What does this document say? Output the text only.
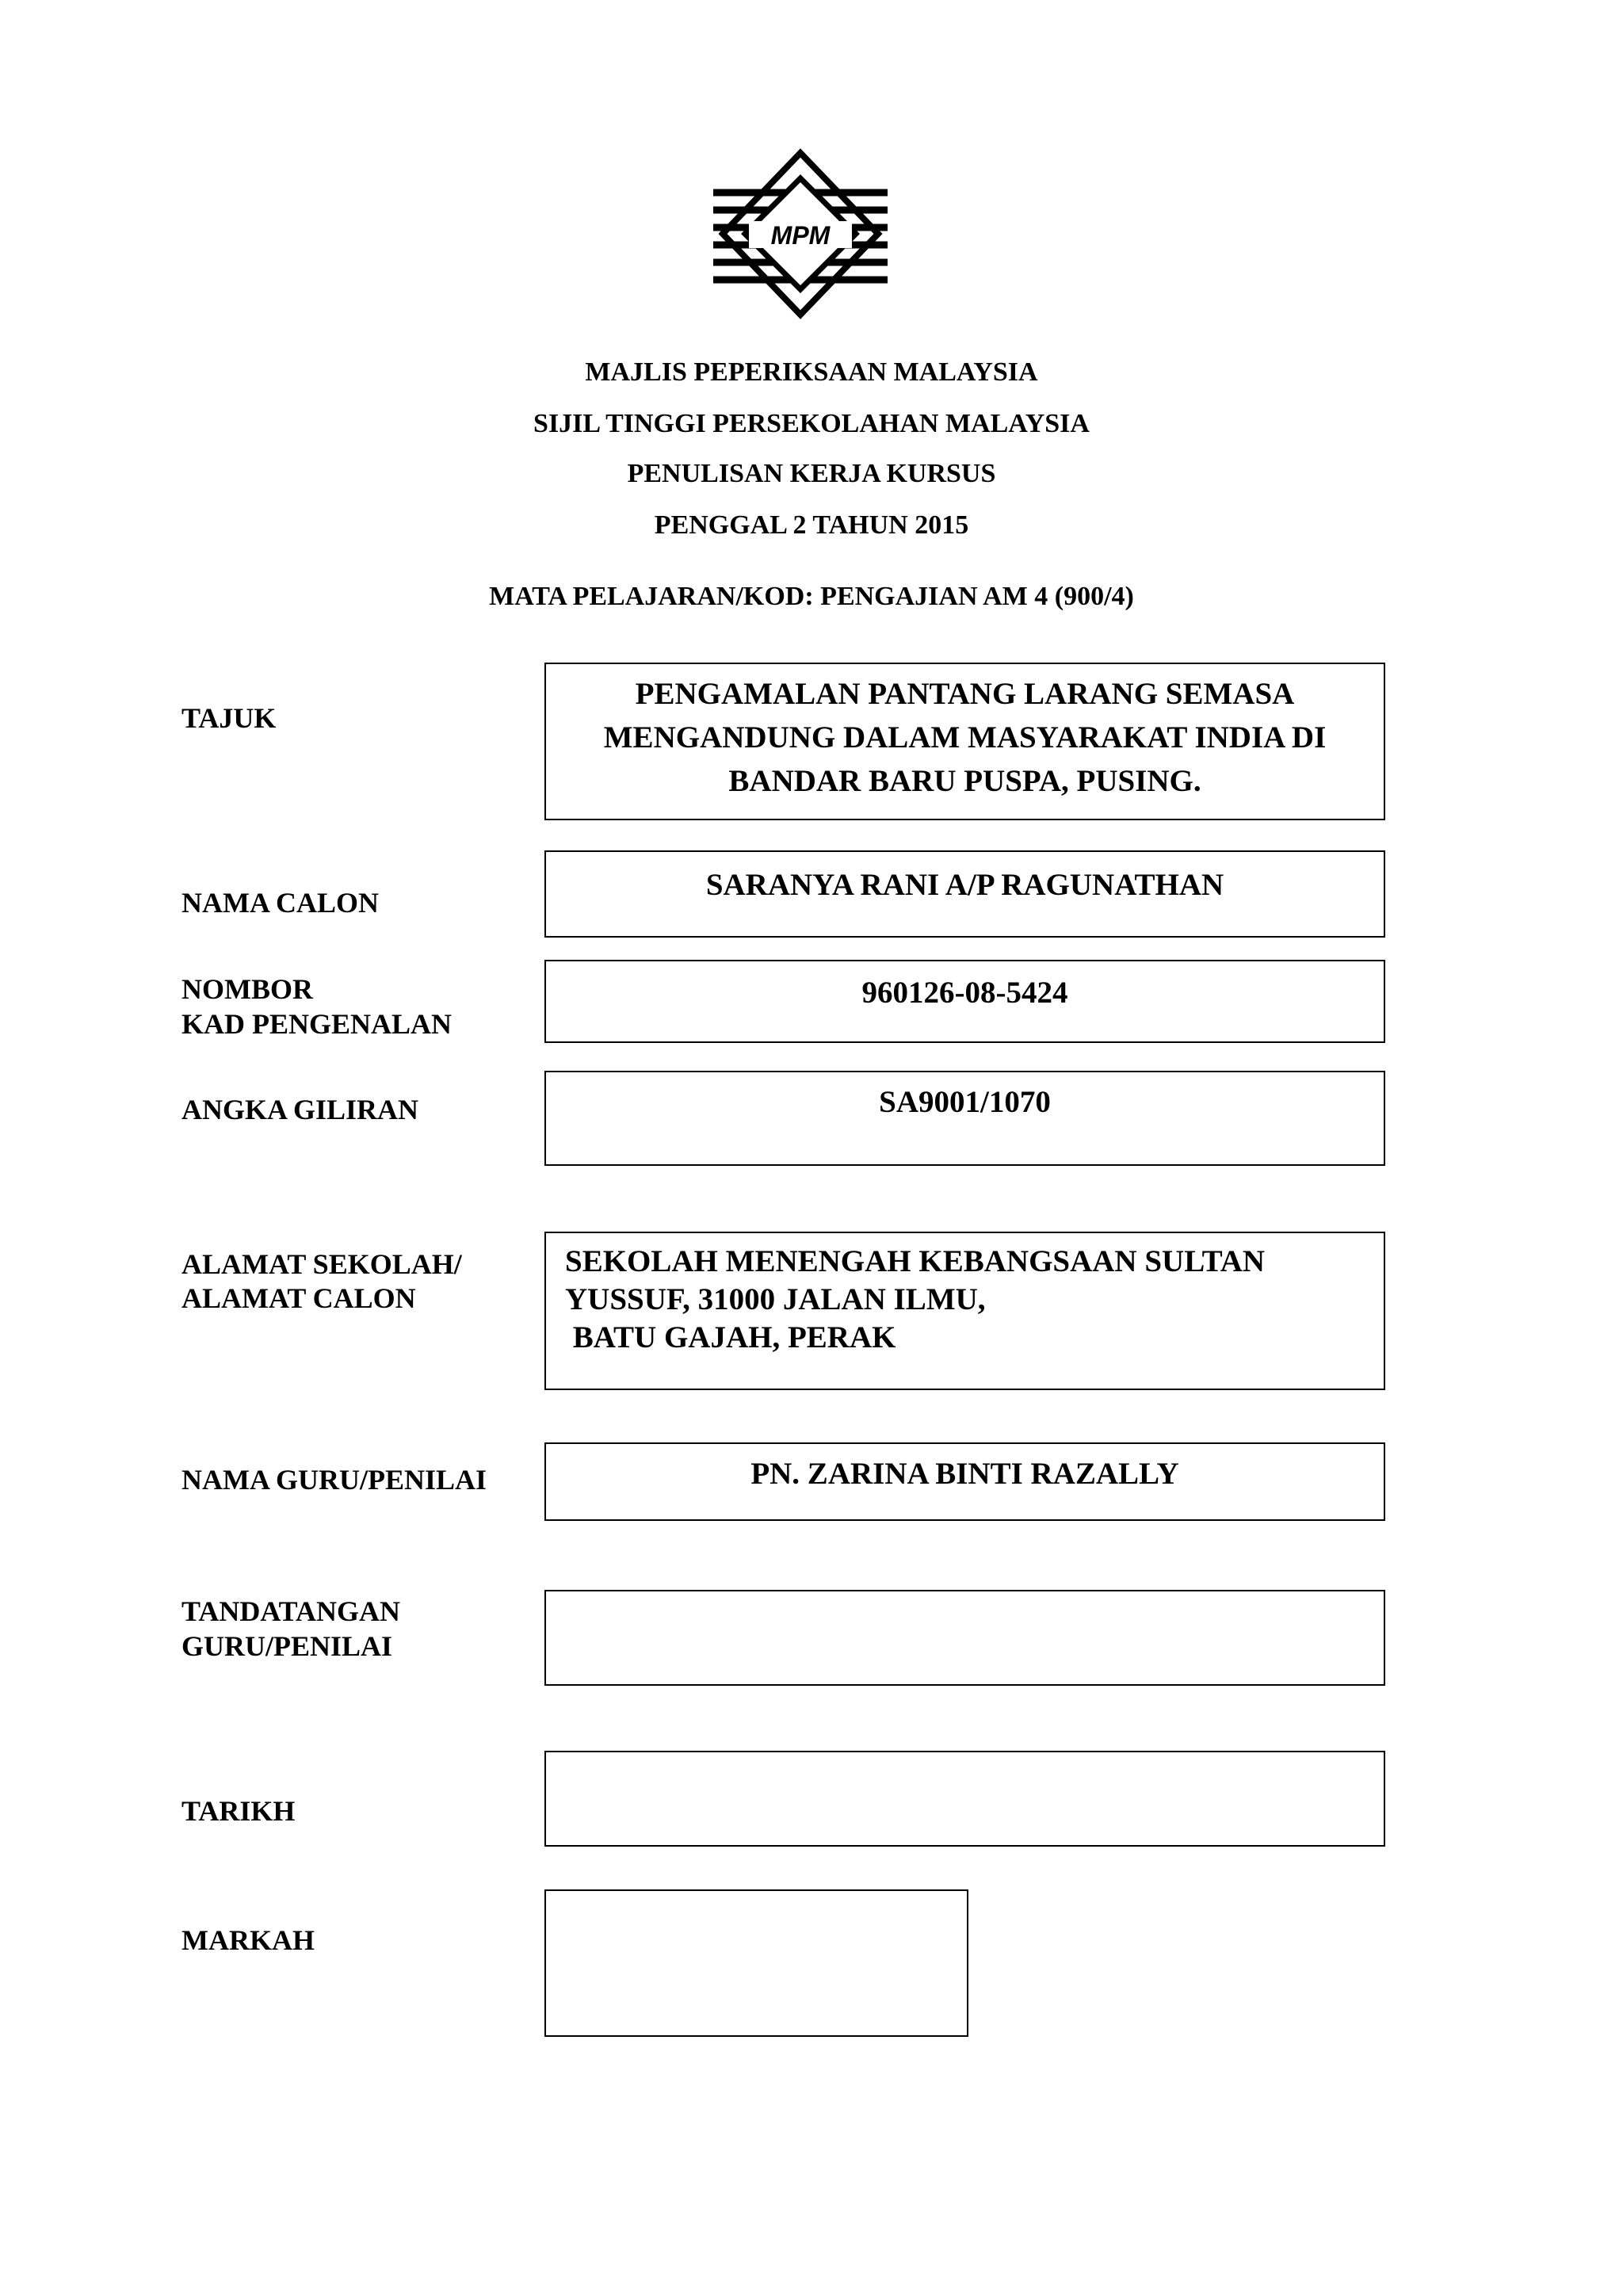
MPM
MAJLIS PEPERIKSAAN MALAYSIA
SIJIL TINGGI PERSEKOLAHAN MALAYSIA
PENULISAN KERJA KURSUS
PENGGAL 2 TAHUN 2015
MATA PELAJARAN/KOD: PENGAJIAN AM 4 (900/4)
TAJUK
PENGAMALAN PANTANG LARANG SEMASA
MENGANDUNG DALAM MASYARAKAT INDIA DI
BANDAR BARU PUSPA, PUSING.
NAMA CALON
SARANYA RANI A/P RAGUNATHAN
NOMBOR
KAD PENGENALAN
960126-08-5424
ANGKA GILIRAN	SA9001/1070
ALAMAT SEKOLAH/
ALAMAT CALON
SEKOLAH MENENGAH KEBANGSAAN SULTAN
YUSSUF, 31000 JALAN ILMU,
BATU GAJAH, PERAK
NAMA GURU/PENILAI	PN. ZARINA BINTI RAZALLY
TANDATANGAN
GURU/PENILAI
TARIKH
MARKAH
